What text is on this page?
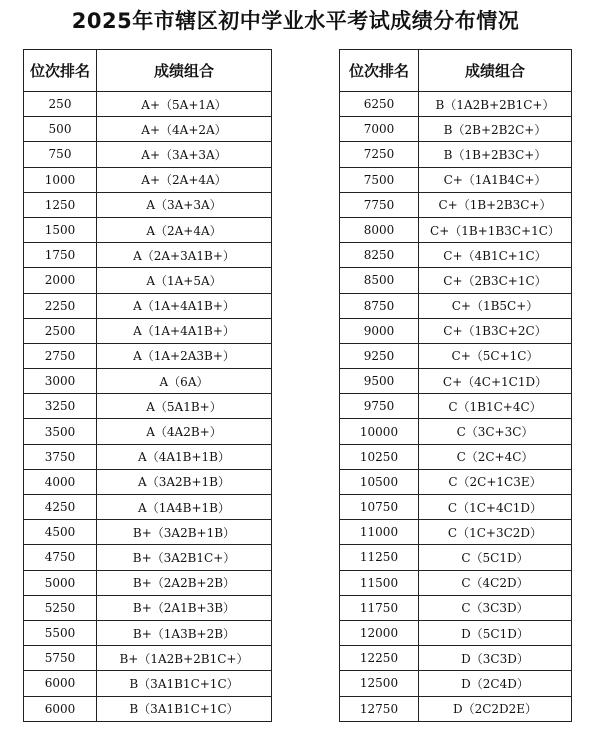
2025年市辖区初中学业水平考试成绩分布情况
位次排名	成绩组合
250	A+（5A+1A）
500	A+（4A+2A）
750	A+（3A+3A）
1000	A+（2A+4A）
1250	A（3A+3A）
1500	A（2A+4A）
1750	A（2A+3A1B+）
2000	A（1A+5A）
2250	A（1A+4A1B+）
2500	A（1A+4A1B+）
2750	A（1A+2A3B+）
3000	A（6A）
3250	A（5A1B+）
3500	A（4A2B+）
3750	A（4A1B+1B）
4000	A（3A2B+1B）
4250	A（1A4B+1B）
4500	B+（3A2B+1B）
4750	B+（3A2B1C+）
5000	B+（2A2B+2B）
5250	B+（2A1B+3B）
5500	B+（1A3B+2B）
5750	B+（1A2B+2B1C+）
6000	B（3A1B1C+1C）
6000	B（3A1B1C+1C）
位次排名	成绩组合
6250	B（1A2B+2B1C+）
7000	B（2B+2B2C+）
7250	B（1B+2B3C+）
7500	C+（1A1B4C+）
7750	C+（1B+2B3C+）
8000	C+（1B+1B3C+1C）
8250	C+（4B1C+1C）
8500	C+（2B3C+1C）
8750	C+（1B5C+）
9000	C+（1B3C+2C）
9250	C+（5C+1C）
9500	C+（4C+1C1D）
9750	C（1B1C+4C）
10000	C（3C+3C）
10250	C（2C+4C）
10500	C（2C+1C3E）
10750	C（1C+4C1D）
11000	C（1C+3C2D）
11250	C（5C1D）
11500	C（4C2D）
11750	C（3C3D）
12000	D（5C1D）
12250	D（3C3D）
12500	D（2C4D）
12750	D（2C2D2E）
